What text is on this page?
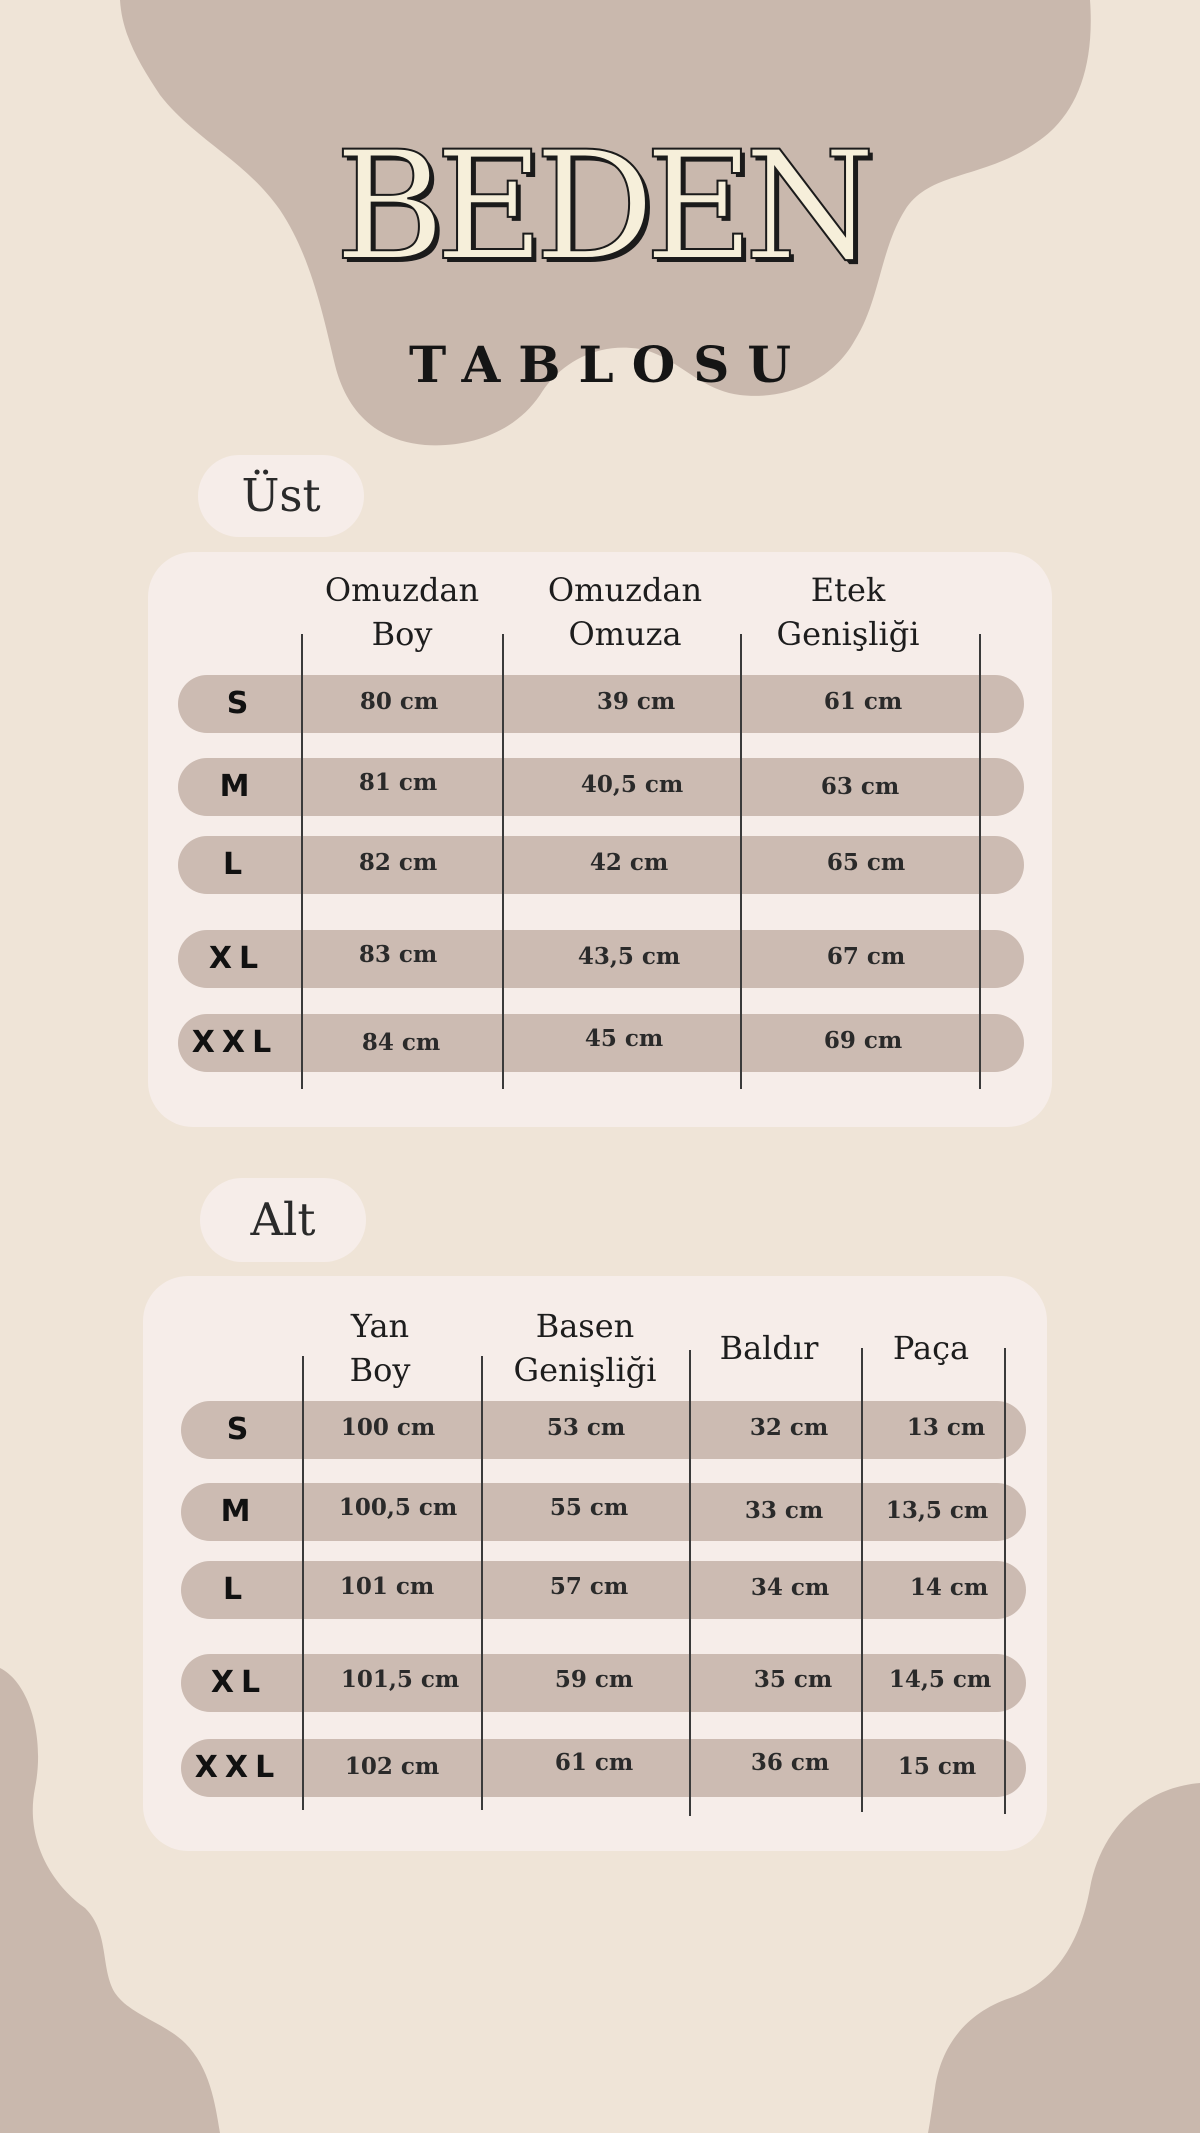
BEDEN
TABLOSU
Üst
Omuzdan
Boy
Omuzdan
Omuza
Etek
Genişliği
S	80 cm	39 cm	61 cm
M	81 cm	40,5 cm	63 cm
L	82 cm	42 cm	65 cm
XL	83 cm	43,5 cm	67 cm
XXL	84 cm	45 cm	69 cm
Alt
Yan
Boy
Basen
Genişliği
Baldır Paça
S	100 cm	53 cm	32 cm	13 cm
M	100,5 cm	55 cm	33 cm	13,5 cm
L	101 cm	57 cm	34 cm	14 cm
XL	101,5 cm	59 cm	35 cm 14,5 cm
XXL	102 cm	61 cm	36 cm	15 cm
